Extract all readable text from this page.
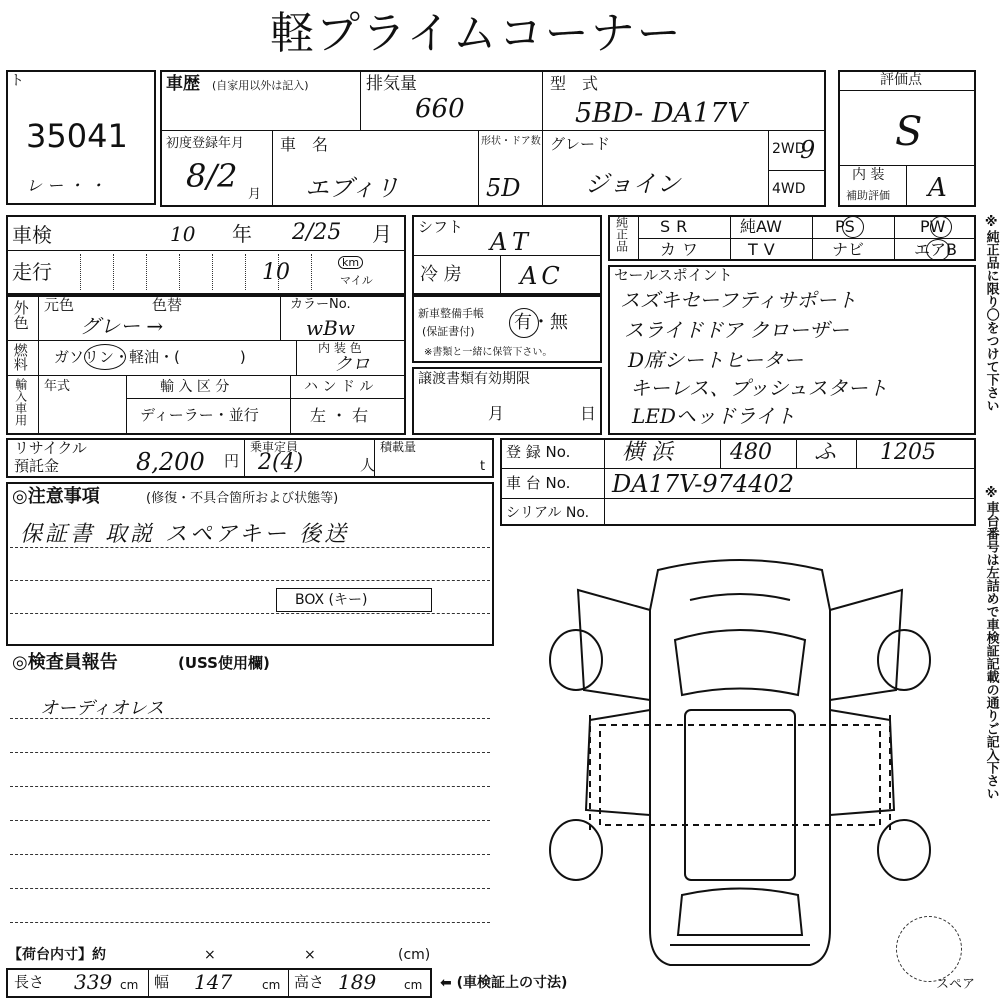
軽プライムコーナー
ト
35041
レ ー ・ ・
車歴 (自家用以外は記入)	排気量
660
型　式
5BD- DA17V
初度登録年月
8/2 月
車　名
エブィリ
形状・ドア数
5D
グレード
ジョイン
2WD
9
4WD
評価点
S
内 装
補助評価 A
車検	10 年 2/25 月
走行	10	km
マイル
シフト
AT
冷 房 AC
純正品 SR	純AW	PS	PW
カワ	TV	ナビ	エアB
外色 元色	色替
グレー →
カラーNo.
wBw
燃料 ガソリン・軽油・(　　　　)	内 装 色
クロ
輸入車用 年式	輸 入 区 分
ディーラー・並行
ハ ン ド ル
左 ・ 右
新車整備手帳
(保証書付) 有・無
※書類と一緒に保管下さい。
譲渡書類有効期限
月	日
セールスポイント
スズキセーフティサポート
スライドドア クローザー
D席シートヒーター
キーレス、プッシュスタート
LEDヘッドライト
リサイクル
預託金	8,200 円
乗車定員
2(4)	人
積載量
t
登 録 No. 横 浜	480 ふ 1205
車 台 No. DA17V-974402
シリアル No.
◎注意事項	(修復・不具合箇所および状態等)
保証書 取説 スペアキー 後送
BOX (キー)
◎検査員報告	(USS使用欄)
オーディオレス
スペア
※純正品に限り〇をつけて下さい
※車台番号は左詰めで車検証記載の通りご記入下さい
【荷台内寸】約	×	×	(cm)
長さ 339 cm 幅 147 cm 高さ 189 cm ⬅ (車検証上の寸法)
